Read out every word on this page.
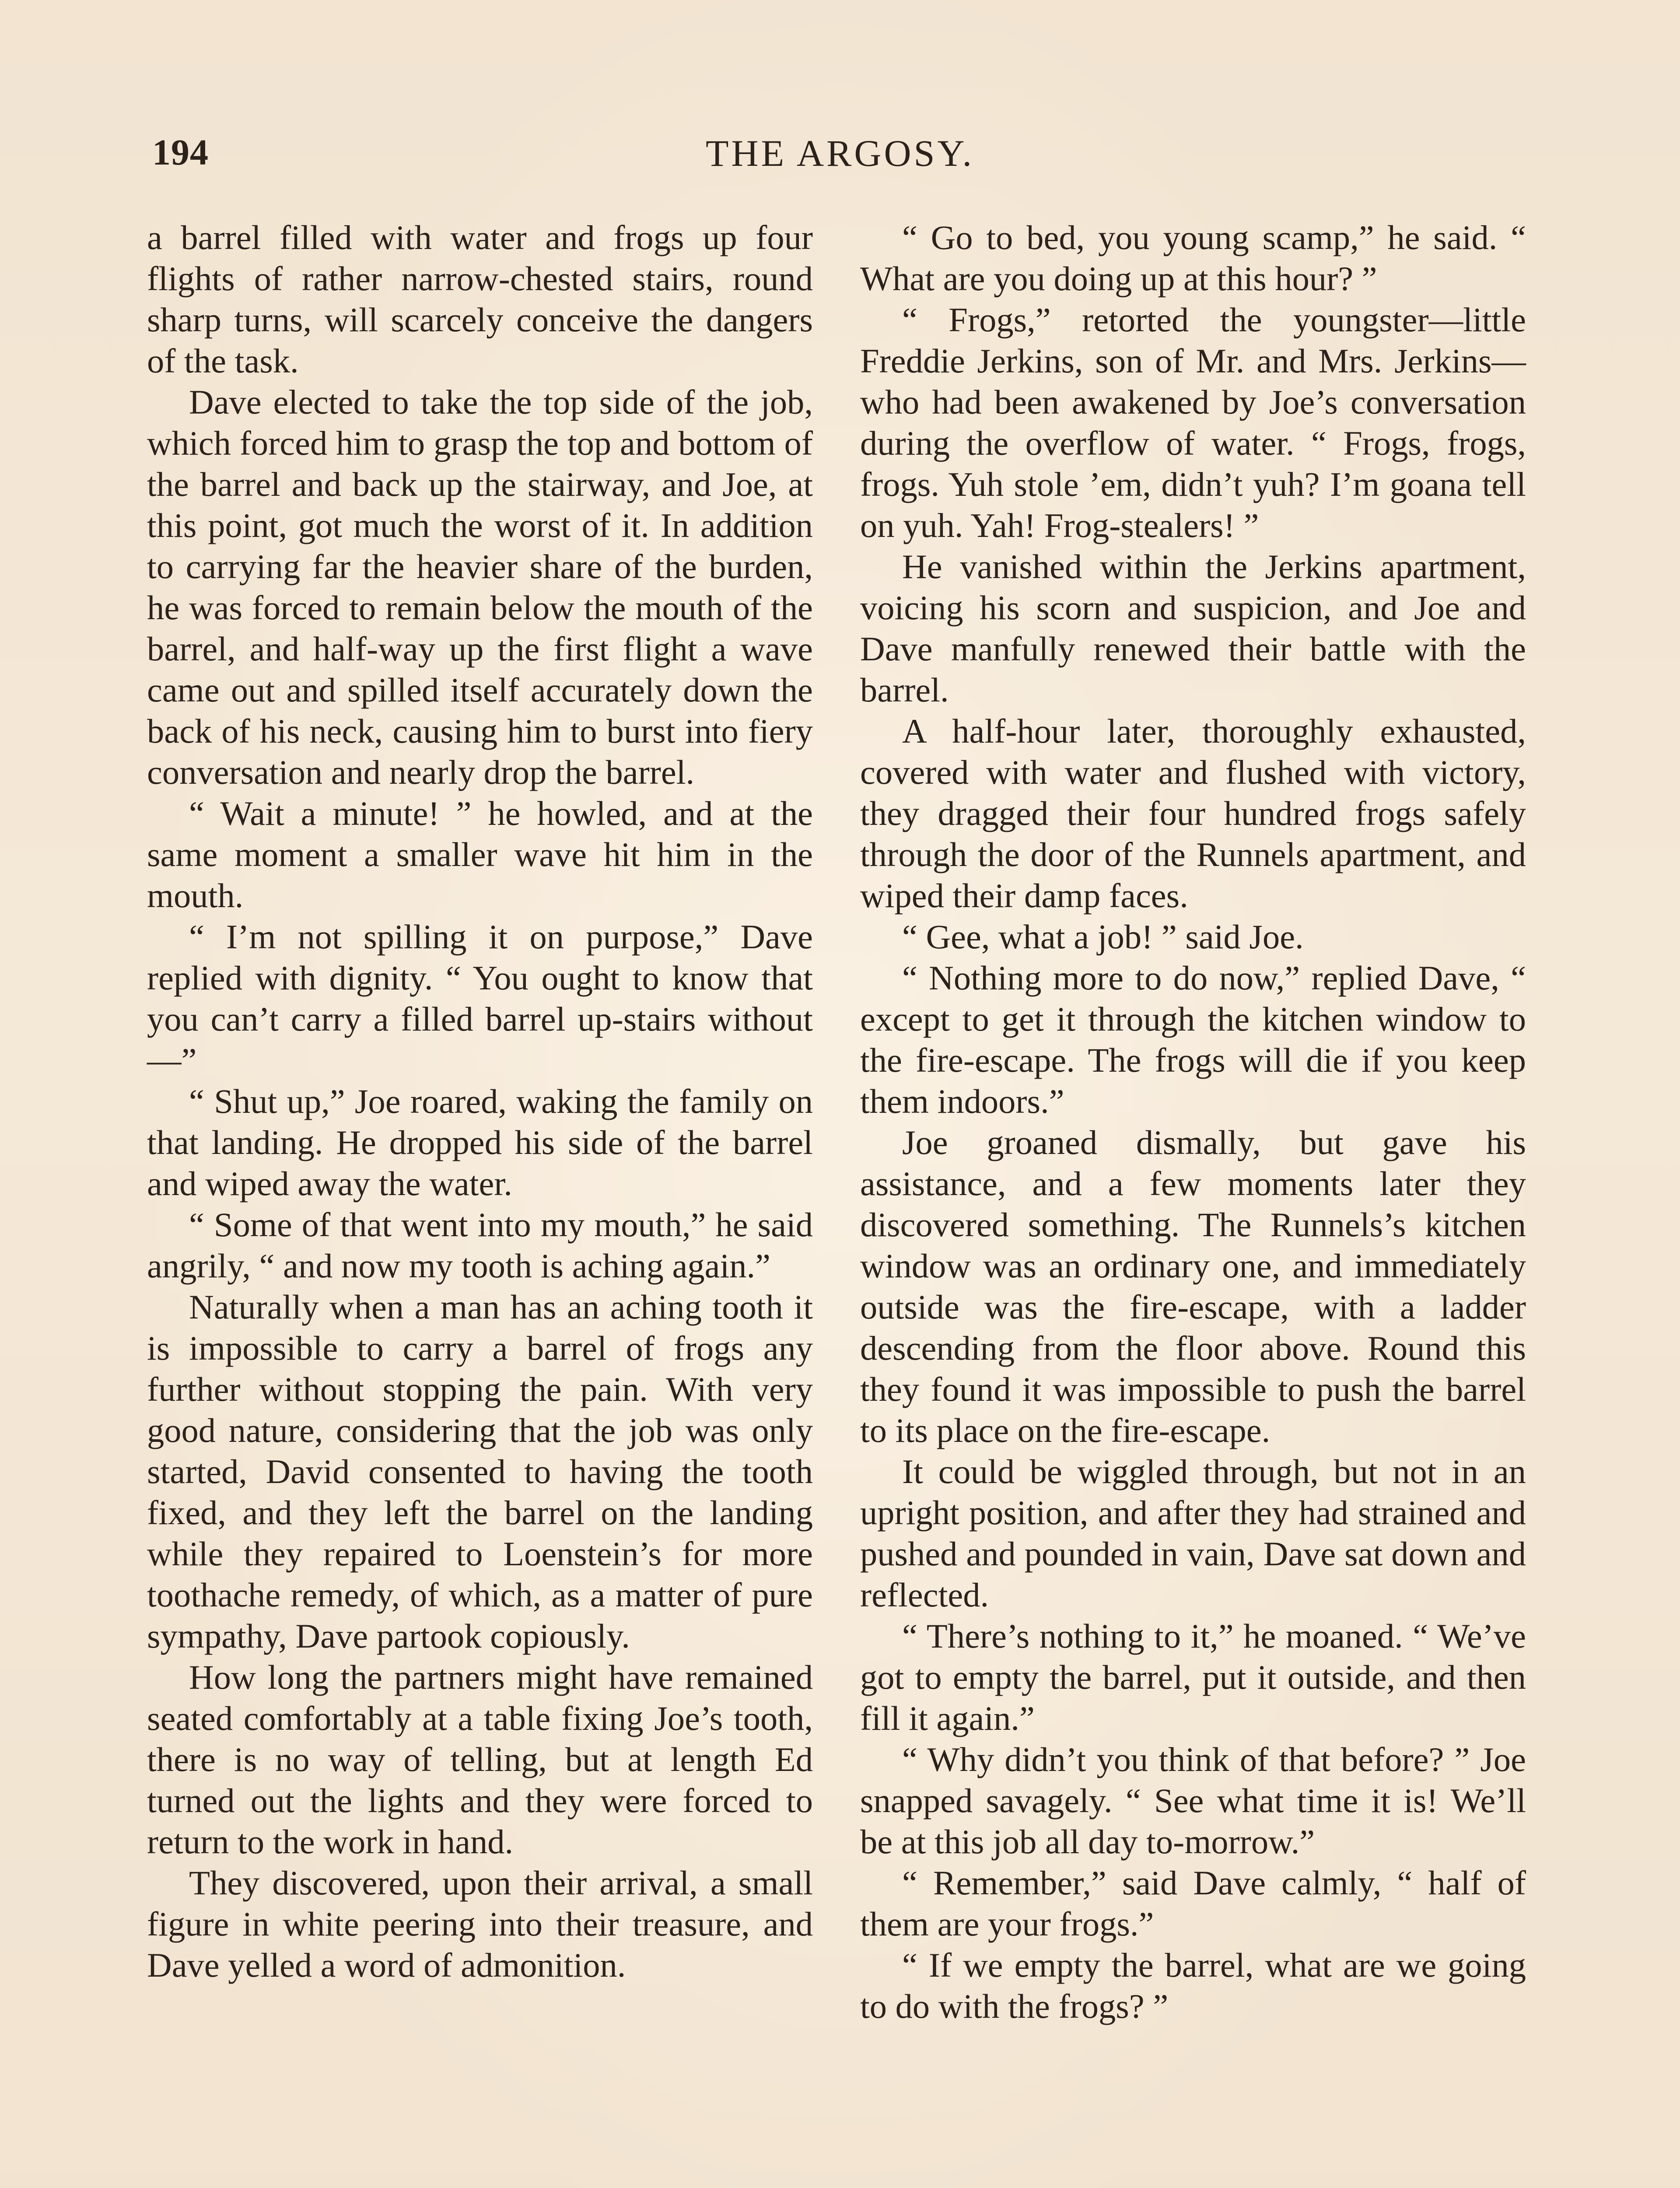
194	THE ARGOSY.

a barrel filled with water and frogs up four flights of rather narrow-chested stairs, round sharp turns, will scarcely conceive the dangers of the task.

Dave elected to take the top side of the job, which forced him to grasp the top and bottom of the barrel and back up the stairway, and Joe, at this point, got much the worst of it. In addition to carrying far the heavier share of the burden, he was forced to remain below the mouth of the barrel, and half-way up the first flight a wave came out and spilled itself accurately down the back of his neck, causing him to burst into fiery conversation and nearly drop the barrel.

“ Wait a minute! ” he howled, and at the same moment a smaller wave hit him in the mouth.

“ I’m not spilling it on purpose,” Dave replied with dignity. “ You ought to know that you can’t carry a filled barrel up-stairs without—”

“ Shut up,” Joe roared, waking the family on that landing. He dropped his side of the barrel and wiped away the water.

“ Some of that went into my mouth,” he said angrily, “ and now my tooth is aching again.”

Naturally when a man has an aching tooth it is impossible to carry a barrel of frogs any further without stopping the pain. With very good nature, considering that the job was only started, David consented to having the tooth fixed, and they left the barrel on the landing while they repaired to Loenstein’s for more toothache remedy, of which, as a matter of pure sympathy, Dave partook copiously.

How long the partners might have remained seated comfortably at a table fixing Joe’s tooth, there is no way of telling, but at length Ed turned out the lights and they were forced to return to the work in hand.

They discovered, upon their arrival, a small figure in white peering into their treasure, and Dave yelled a word of admonition.

“ Go to bed, you young scamp,” he said. “ What are you doing up at this hour? ”

“ Frogs,” retorted the youngster—little Freddie Jerkins, son of Mr. and Mrs. Jerkins—who had been awakened by Joe’s conversation during the overflow of water. “ Frogs, frogs, frogs. Yuh stole ’em, didn’t yuh? I’m goana tell on yuh. Yah! Frog-stealers! ”

He vanished within the Jerkins apartment, voicing his scorn and suspicion, and Joe and Dave manfully renewed their battle with the barrel.

A half-hour later, thoroughly exhausted, covered with water and flushed with victory, they dragged their four hundred frogs safely through the door of the Runnels apartment, and wiped their damp faces.

“ Gee, what a job! ” said Joe.

“ Nothing more to do now,” replied Dave, “ except to get it through the kitchen window to the fire-escape. The frogs will die if you keep them indoors.”

Joe groaned dismally, but gave his assistance, and a few moments later they discovered something. The Runnels’s kitchen window was an ordinary one, and immediately outside was the fire-escape, with a ladder descending from the floor above. Round this they found it was impossible to push the barrel to its place on the fire-escape.

It could be wiggled through, but not in an upright position, and after they had strained and pushed and pounded in vain, Dave sat down and reflected.

“ There’s nothing to it,” he moaned. “ We’ve got to empty the barrel, put it outside, and then fill it again.”

“ Why didn’t you think of that before? ” Joe snapped savagely. “ See what time it is! We’ll be at this job all day to-morrow.”

“ Remember,” said Dave calmly, “ half of them are your frogs.”

“ If we empty the barrel, what are we going to do with the frogs? ”
